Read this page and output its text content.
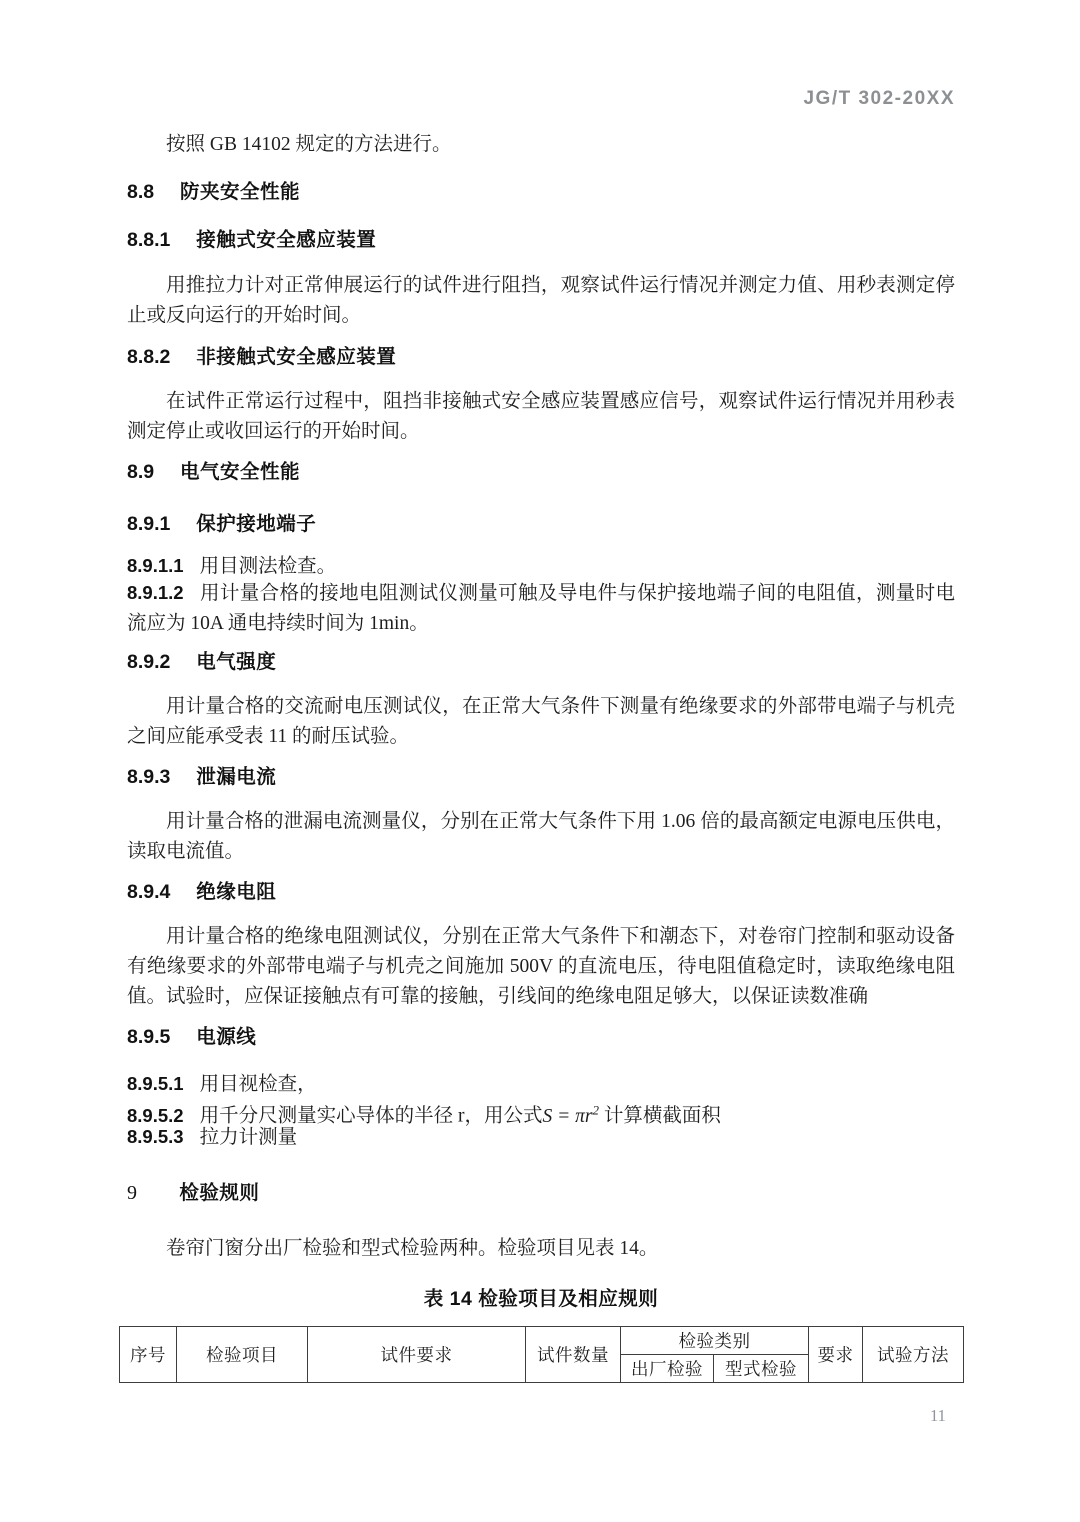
JG/T 302-20XX

按照 GB 14102 规定的方法进行。

8.8 防夹安全性能
8.8.1 接触式安全感应装置

用推拉力计对正常伸展运行的试件进行阻挡，观察试件运行情况并测定力值、用秒表测定停止或反向运行的开始时间。

8.8.2 非接触式安全感应装置

在试件正常运行过程中，阻挡非接触式安全感应装置感应信号，观察试件运行情况并用秒表测定停止或收回运行的开始时间。

8.9 电气安全性能
8.9.1 保护接地端子

8.9.1.1 用目测法检查。

8.9.1.2 用计量合格的接地电阻测试仪测量可触及导电件与保护接地端子间的电阻值，测量时电流应为 10A 通电持续时间为 1min。

8.9.2 电气强度

用计量合格的交流耐电压测试仪，在正常大气条件下测量有绝缘要求的外部带电端子与机壳之间应能承受表 11 的耐压试验。

8.9.3 泄漏电流

用计量合格的泄漏电流测量仪，分别在正常大气条件下用 1.06 倍的最高额定电源电压供电，读取电流值。

8.9.4 绝缘电阻

用计量合格的绝缘电阻测试仪，分别在正常大气条件下和潮态下，对卷帘门控制和驱动设备有绝缘要求的外部带电端子与机壳之间施加 500V 的直流电压，待电阻值稳定时，读取绝缘电阻值。试验时，应保证接触点有可靠的接触，引线间的绝缘电阻足够大，以保证读数准确

8.9.5 电源线

8.9.5.1 用目视检查，

8.9.5.2 用千分尺测量实心导体的半径 r，用公式$S = \pi r^2$ 计算横截面积

8.9.5.3 拉力计测量

9 检验规则

卷帘门窗分出厂检验和型式检验两种。检验项目见表 14。

表 14 检验项目及相应规则
序号	检验项目	试件要求	试件数量	检验类别		要求	试验方法
				出厂检验	型式检验		
11
